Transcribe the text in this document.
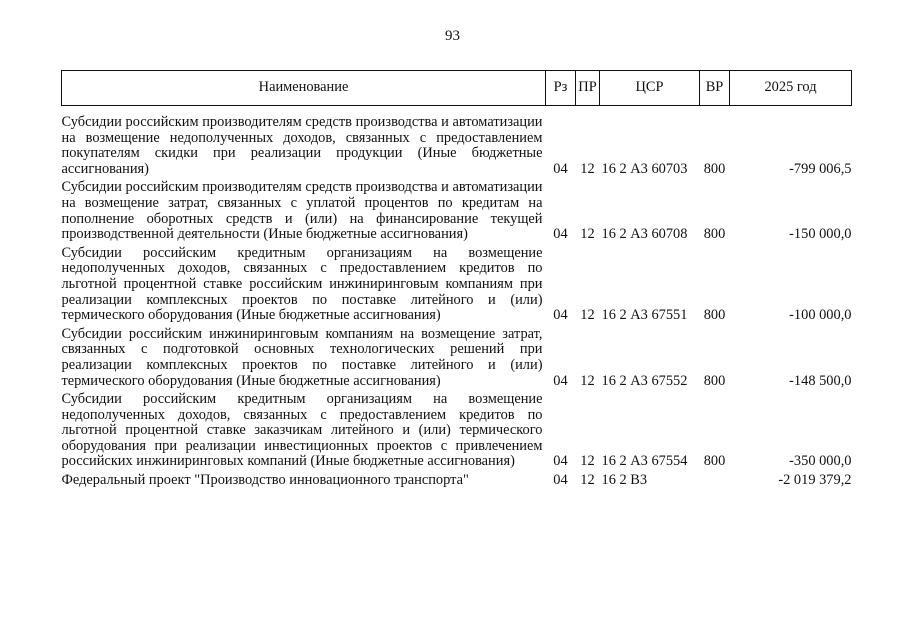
93
Наименование	Рз	ПР	ЦСР	ВР	2025 год
Субсидии российским производителям средств производства и автоматизации на возмещение недополученных доходов, связанных с предоставлением покупателям скидки при реализации продукции (Иные бюджетные ассигнования)	04	12	16 2 А3 60703	800	-799 006,5
Субсидии российским производителям средств производства и автоматизации на возмещение затрат, связанных с уплатой процентов по кредитам на пополнение оборотных средств и (или) на финансирование текущей производственной деятельности (Иные бюджетные ассигнования)	04	12	16 2 А3 60708	800	-150 000,0
Субсидии российским кредитным организациям на возмещение недополученных доходов, связанных с предоставлением кредитов по льготной процентной ставке российским инжиниринговым компаниям при реализации комплексных проектов по поставке литейного и (или) термического оборудования (Иные бюджетные ассигнования)	04	12	16 2 А3 67551	800	-100 000,0
Субсидии российским инжиниринговым компаниям на возмещение затрат, связанных с подготовкой основных технологических решений при реализации комплексных проектов по поставке литейного и (или) термического оборудования (Иные бюджетные ассигнования)	04	12	16 2 А3 67552	800	-148 500,0
Субсидии российским кредитным организациям на возмещение недополученных доходов, связанных с предоставлением кредитов по льготной процентной ставке заказчикам литейного и (или) термического оборудования при реализации инвестиционных проектов с привлечением российских инжиниринговых компаний (Иные бюджетные ассигнования)	04	12	16 2 А3 67554	800	-350 000,0
Федеральный проект "Производство инновационного транспорта"	04	12	16 2 В3		-2 019 379,2
